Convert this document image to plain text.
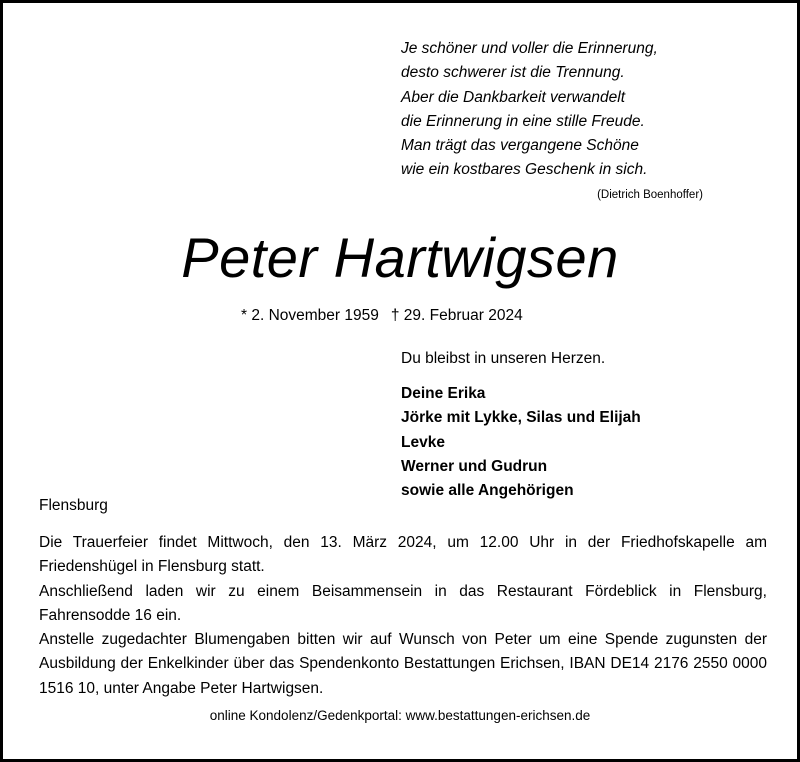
Je schöner und voller die Erinnerung,
desto schwerer ist die Trennung.
Aber die Dankbarkeit verwandelt
die Erinnerung in eine stille Freude.
Man trägt das vergangene Schöne
wie ein kostbares Geschenk in sich.
(Dietrich Boenhoffer)
Peter Hartwigsen
* 2. November 1959 † 29. Februar 2024
Du bleibst in unseren Herzen.
Deine Erika
Jörke mit Lykke, Silas und Elijah
Levke
Werner und Gudrun
sowie alle Angehörigen
Flensburg

Die Trauerfeier findet Mittwoch, den 13. März 2024, um 12.00 Uhr in der Friedhofskapelle am Friedenshügel in Flensburg statt.

Anschließend laden wir zu einem Beisammensein in das Restaurant Fördeblick in Flensburg, Fahrensodde 16 ein.

Anstelle zugedachter Blumengaben bitten wir auf Wunsch von Peter um eine Spende zugunsten der Ausbildung der Enkelkinder über das Spendenkonto Bestattungen Erichsen, IBAN DE14 2176 2550 0000 1516 10, unter Angabe Peter Hartwigsen.

online Kondolenz/Gedenkportal: www.bestattungen-erichsen.de
